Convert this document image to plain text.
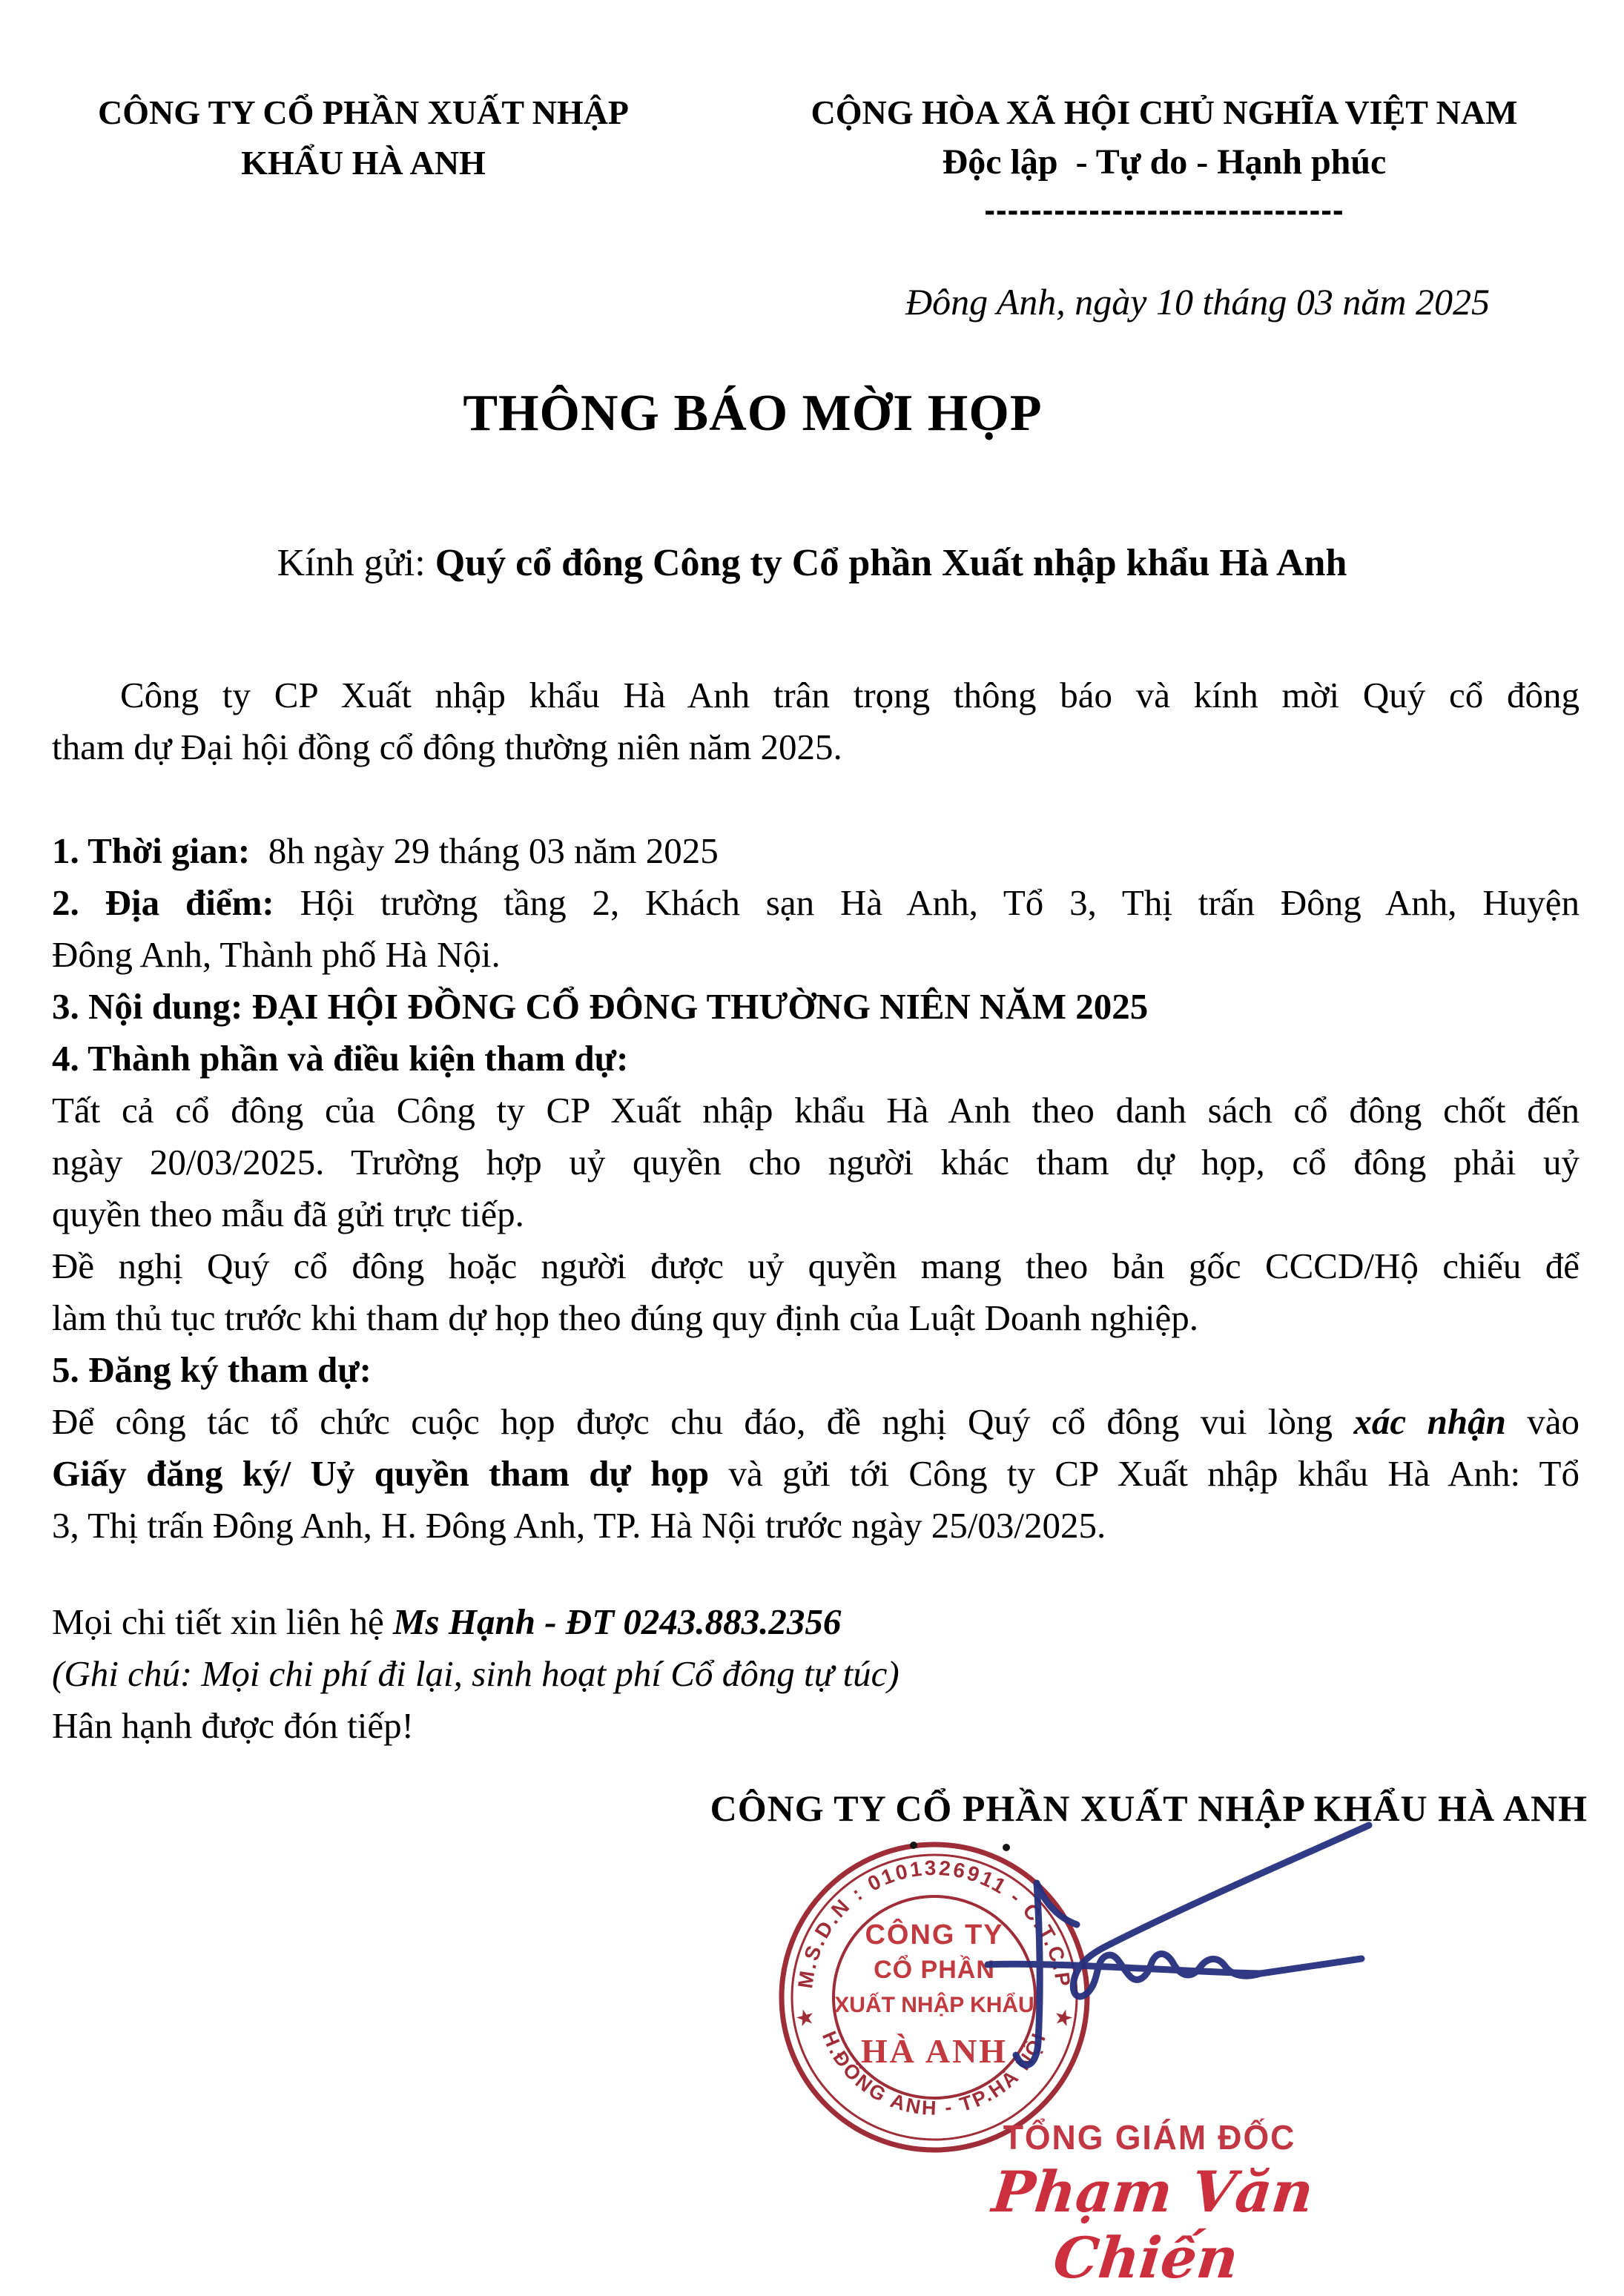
CÔNG TY CỔ PHẦN XUẤT NHẬP
KHẨU HÀ ANH
CỘNG HÒA XÃ HỘI CHỦ NGHĨA VIỆT NAM
Độc lập  - Tự do - Hạnh phúc
-------------------------------
Đông Anh, ngày 10 tháng 03 năm 2025
THÔNG BÁO MỜI HỌP
Kính gửi: Quý cổ đông Công ty Cổ phần Xuất nhập khẩu Hà Anh
Công ty CP Xuất nhập khẩu Hà Anh trân trọng thông báo và kính mời Quý cổ đông
tham dự Đại hội đồng cổ đông thường niên năm 2025.
1. Thời gian:  8h ngày 29 tháng 03 năm 2025
2. Địa điểm: Hội trường tầng 2, Khách sạn Hà Anh, Tổ 3, Thị trấn Đông Anh, Huyện
Đông Anh, Thành phố Hà Nội.
3. Nội dung: ĐẠI HỘI ĐỒNG CỔ ĐÔNG THƯỜNG NIÊN NĂM 2025
4. Thành phần và điều kiện tham dự:
Tất cả cổ đông của Công ty CP Xuất nhập khẩu Hà Anh theo danh sách cổ đông chốt đến
ngày 20/03/2025. Trường hợp uỷ quyền cho người khác tham dự họp, cổ đông phải uỷ
quyền theo mẫu đã gửi trực tiếp.
Đề nghị Quý cổ đông hoặc người được uỷ quyền mang theo bản gốc CCCD/Hộ chiếu để
làm thủ tục trước khi tham dự họp theo đúng quy định của Luật Doanh nghiệp.
5. Đăng ký tham dự:
Để công tác tổ chức cuộc họp được chu đáo, đề nghị Quý cổ đông vui lòng xác nhận vào
Giấy đăng ký/ Uỷ quyền tham dự họp và gửi tới Công ty CP Xuất nhập khẩu Hà Anh: Tổ
3, Thị trấn Đông Anh, H. Đông Anh, TP. Hà Nội trước ngày 25/03/2025.
Mọi chi tiết xin liên hệ Ms Hạnh - ĐT 0243.883.2356
(Ghi chú: Mọi chi phí đi lại, sinh hoạt phí Cổ đông tự túc)
Hân hạnh được đón tiếp!
CÔNG TY CỔ PHẦN XUẤT NHẬP KHẨU HÀ ANH
M.S.D.N : 0101326911 - C.T.C.P
H.ĐÔNG ANH - TP.HÀ NỘI
★	★
CÔNG TY
CỔ PHẦN
XUẤT NHẬP KHẨU
HÀ ANH
TỔNG GIÁM ĐỐC
Phạm Văn Chiến
